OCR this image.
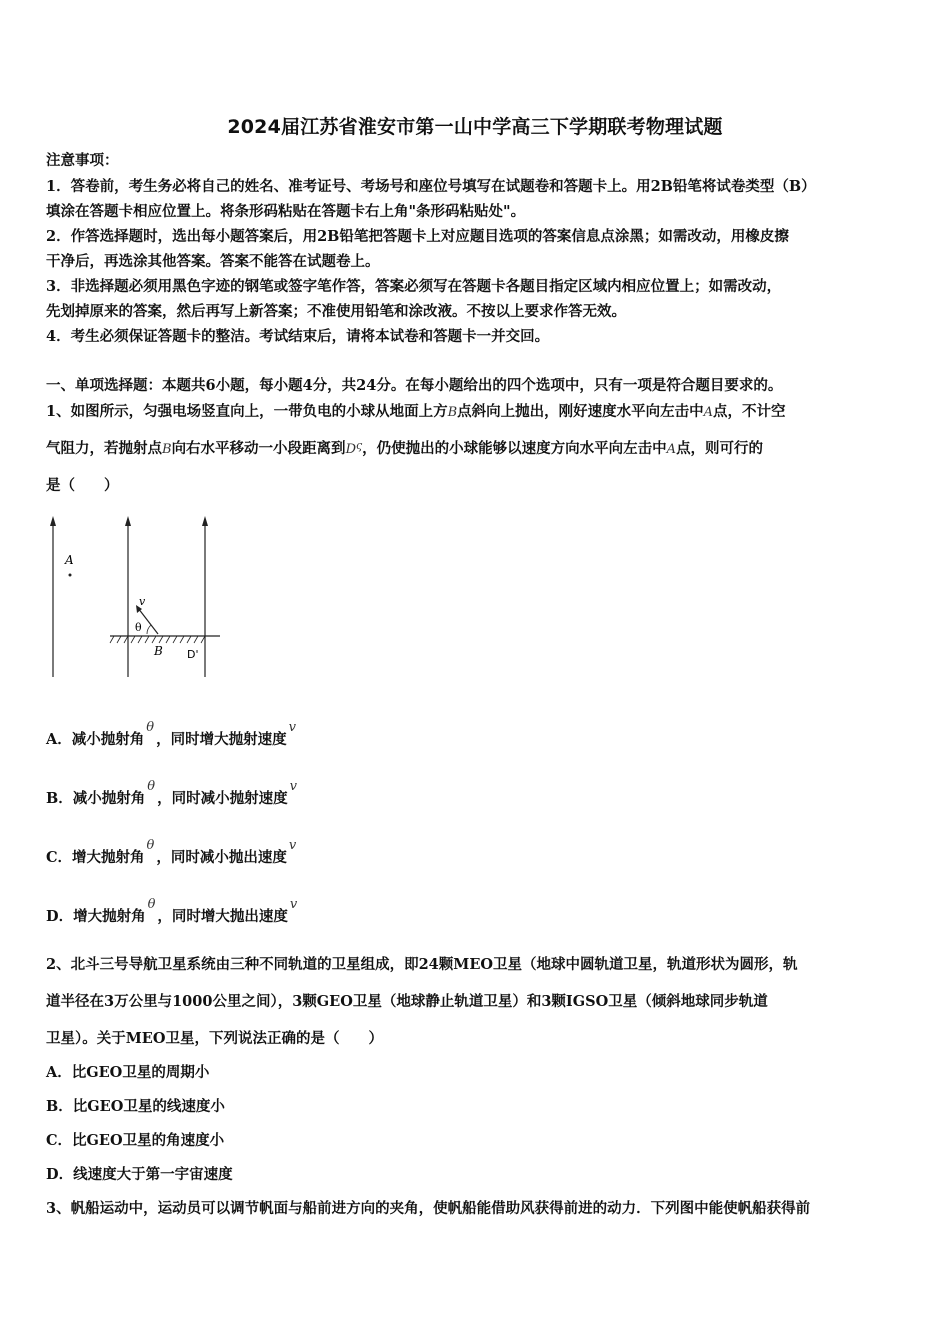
2024届江苏省淮安市第一山中学高三下学期联考物理试题
注意事项：
1．答卷前，考生务必将自己的姓名、准考证号、考场号和座位号填写在试题卷和答题卡上。用2B铅笔将试卷类型（B）
填涂在答题卡相应位置上。将条形码粘贴在答题卡右上角"条形码粘贴处"。
2．作答选择题时，选出每小题答案后，用2B铅笔把答题卡上对应题目选项的答案信息点涂黑；如需改动，用橡皮擦
干净后，再选涂其他答案。答案不能答在试题卷上。
3．非选择题必须用黑色字迹的钢笔或签字笔作答，答案必须写在答题卡各题目指定区域内相应位置上；如需改动，
先划掉原来的答案，然后再写上新答案；不准使用铅笔和涂改液。不按以上要求作答无效。
4．考生必须保证答题卡的整洁。考试结束后，请将本试卷和答题卡一并交回。
一、单项选择题：本题共6小题，每小题4分，共24分。在每小题给出的四个选项中，只有一项是符合题目要求的。
1、如图所示，匀强电场竖直向上，一带负电的小球从地面上方B点斜向上抛出，刚好速度水平向左击中A点，不计空
气阻力，若抛射点B向右水平移动一小段距离到$D^\varsigma$，仍使抛出的小球能够以速度方向水平向左击中A点，则可行的
是（　　）
A
v
θ
B D'
A．减小抛射角θ，同时增大抛射速度v
B．减小抛射角θ，同时减小抛射速度v
C．增大抛射角θ，同时减小抛出速度v
D．增大抛射角θ，同时增大抛出速度v
2、北斗三号导航卫星系统由三种不同轨道的卫星组成，即24颗MEO卫星（地球中圆轨道卫星，轨道形状为圆形，轨
道半径在3万公里与1000公里之间），3颗GEO卫星（地球静止轨道卫星）和3颗IGSO卫星（倾斜地球同步轨道
卫星）。关于MEO卫星，下列说法正确的是（　　）
A．比GEO卫星的周期小
B．比GEO卫星的线速度小
C．比GEO卫星的角速度小
D．线速度大于第一宇宙速度
3、帆船运动中，运动员可以调节帆面与船前进方向的夹角，使帆船能借助风获得前进的动力．下列图中能使帆船获得前
